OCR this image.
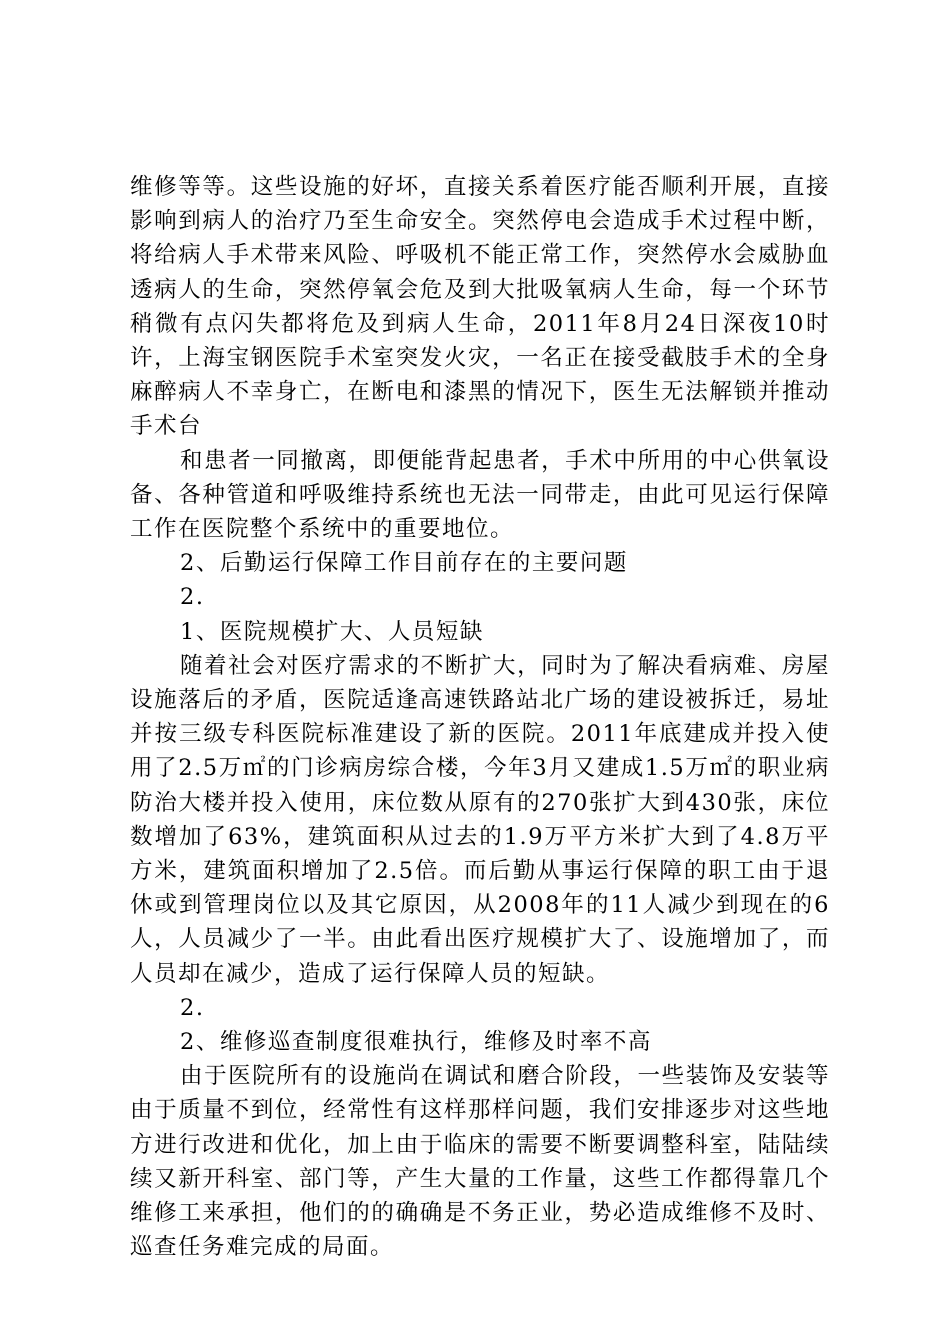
维修等等。这些设施的好坏，直接关系着医疗能否顺利开展，直接影响到病人的治疗乃至生命安全。突然停电会造成手术过程中断，将给病人手术带来风险、呼吸机不能正常工作，突然停水会威胁血透病人的生命，突然停氧会危及到大批吸氧病人生命，每一个环节稍微有点闪失都将危及到病人生命，2011年8月24日深夜10时许，上海宝钢医院手术室突发火灾，一名正在接受截肢手术的全身麻醉病人不幸身亡，在断电和漆黑的情况下，医生无法解锁并推动手术台

和患者一同撤离，即便能背起患者，手术中所用的中心供氧设备、各种管道和呼吸维持系统也无法一同带走，由此可见运行保障工作在医院整个系统中的重要地位。

2、后勤运行保障工作目前存在的主要问题

2.

1、医院规模扩大、人员短缺

随着社会对医疗需求的不断扩大，同时为了解决看病难、房屋设施落后的矛盾，医院适逢高速铁路站北广场的建设被拆迁，易址并按三级专科医院标准建设了新的医院。2011年底建成并投入使用了2.5万㎡的门诊病房综合楼，今年3月又建成1.5万㎡的职业病防治大楼并投入使用，床位数从原有的270张扩大到430张，床位数增加了63%，建筑面积从过去的1.9万平方米扩大到了4.8万平方米，建筑面积增加了2.5倍。而后勤从事运行保障的职工由于退休或到管理岗位以及其它原因，从2008年的11人减少到现在的6人，人员减少了一半。由此看出医疗规模扩大了、设施增加了，而人员却在减少，造成了运行保障人员的短缺。

2.

2、维修巡查制度很难执行，维修及时率不高

由于医院所有的设施尚在调试和磨合阶段，一些装饰及安装等由于质量不到位，经常性有这样那样问题，我们安排逐步对这些地方进行改进和优化，加上由于临床的需要不断要调整科室，陆陆续续又新开科室、部门等，产生大量的工作量，这些工作都得靠几个维修工来承担，他们的的确确是不务正业，势必造成维修不及时、巡查任务难完成的局面。
